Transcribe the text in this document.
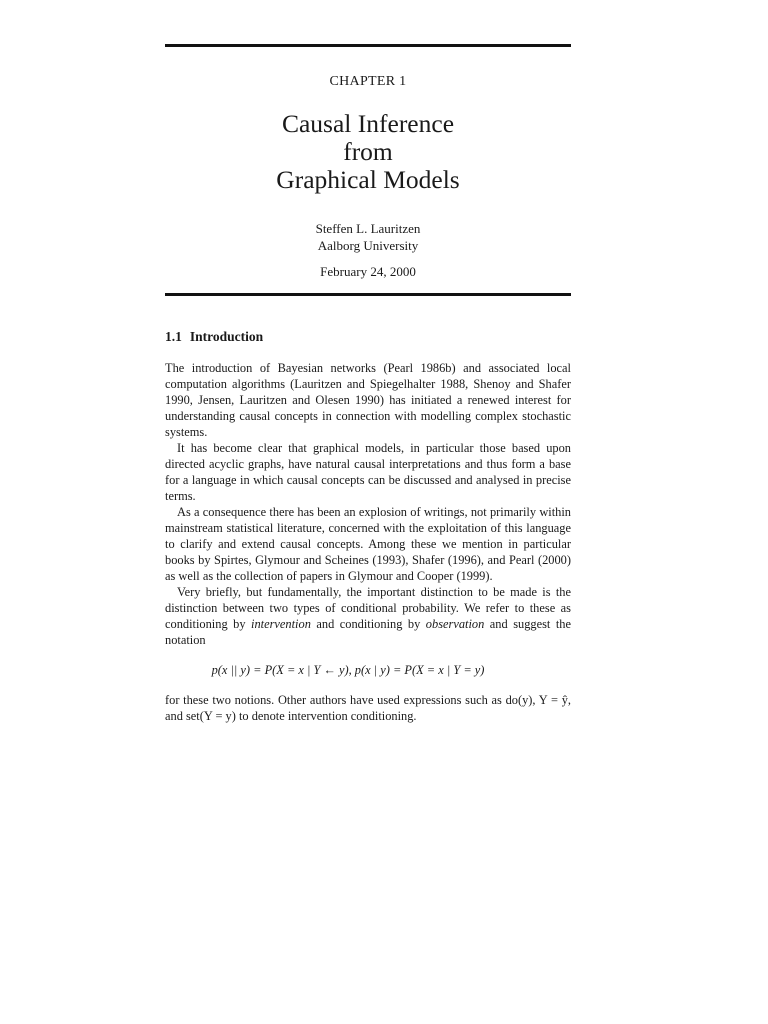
CHAPTER 1
Causal Inference
from
Graphical Models
Steffen L. Lauritzen
Aalborg University
February 24, 2000
1.1 Introduction

The introduction of Bayesian networks (Pearl 1986b) and associated local computation algorithms (Lauritzen and Spiegelhalter 1988, Shenoy and Shafer 1990, Jensen, Lauritzen and Olesen 1990) has initiated a renewed interest for understanding causal concepts in connection with modelling complex stochastic systems.

It has become clear that graphical models, in particular those based upon directed acyclic graphs, have natural causal interpretations and thus form a base for a language in which causal concepts can be discussed and analysed in precise terms.

As a consequence there has been an explosion of writings, not primarily within mainstream statistical literature, concerned with the exploitation of this language to clarify and extend causal concepts. Among these we mention in particular books by Spirtes, Glymour and Scheines (1993), Shafer (1996), and Pearl (2000) as well as the collection of papers in Glymour and Cooper (1999).

Very briefly, but fundamentally, the important distinction to be made is the distinction between two types of conditional probability. We refer to these as conditioning by intervention and conditioning by observation and suggest the notation

p(x || y) = P(X = x | Y ← y), p(x | y) = P(X = x | Y = y)

for these two notions. Other authors have used expressions such as do(y), Y = ŷ, and set(Y = y) to denote intervention conditioning.
